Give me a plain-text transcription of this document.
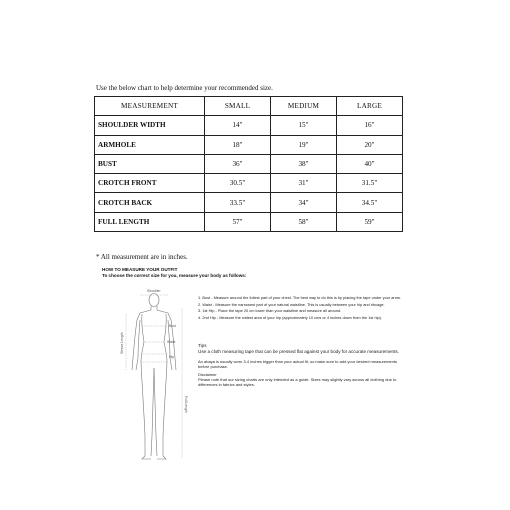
Use the below chart to help determine your recommended size.
MEASUREMENT	SMALL	MEDIUM	LARGE
SHOULDER WIDTH	14"	15"	16"
ARMHOLE	18"	19"	20"
BUST	36"	38"	40"
CROTCH FRONT	30.5"	31"	31.5"
CROTCH BACK	33.5"	34"	34.5"
FULL LENGTH	57"	58"	59"
* All measurement are in inches.
HOW TO MEASURE YOUR OUTFIT
To choose the correct size for you, measure your body as follows:
Shoulder
Bust
Waist
Hip
Full Length
Sleeve Length

1. Bust - Measure around the fullest part of your chest. The best way to do this is by placing the tape under your arms.

2. Waist - Measure the narrowest part of your natural waistline. This is usually between your hip and ribcage.

3. 1st Hip - Place the tape 20 cm lower than your waistline and measure all around.

4. 2nd Hip - Measure the widest area of your hip (approximately 10 cms or 4 inches down from the 1st hip).

Tips

Use a cloth measuring tape that can be pressed flat against your body for accurate measurements.

An abaya is usually worn 3-4 inches bigger than your actual fit, so make sure to add your desired measurements before purchase.

Disclaimer

Please note that our sizing charts are only intended as a guide. Sizes may slightly vary across all clothing due to differences in fabrics and styles.
